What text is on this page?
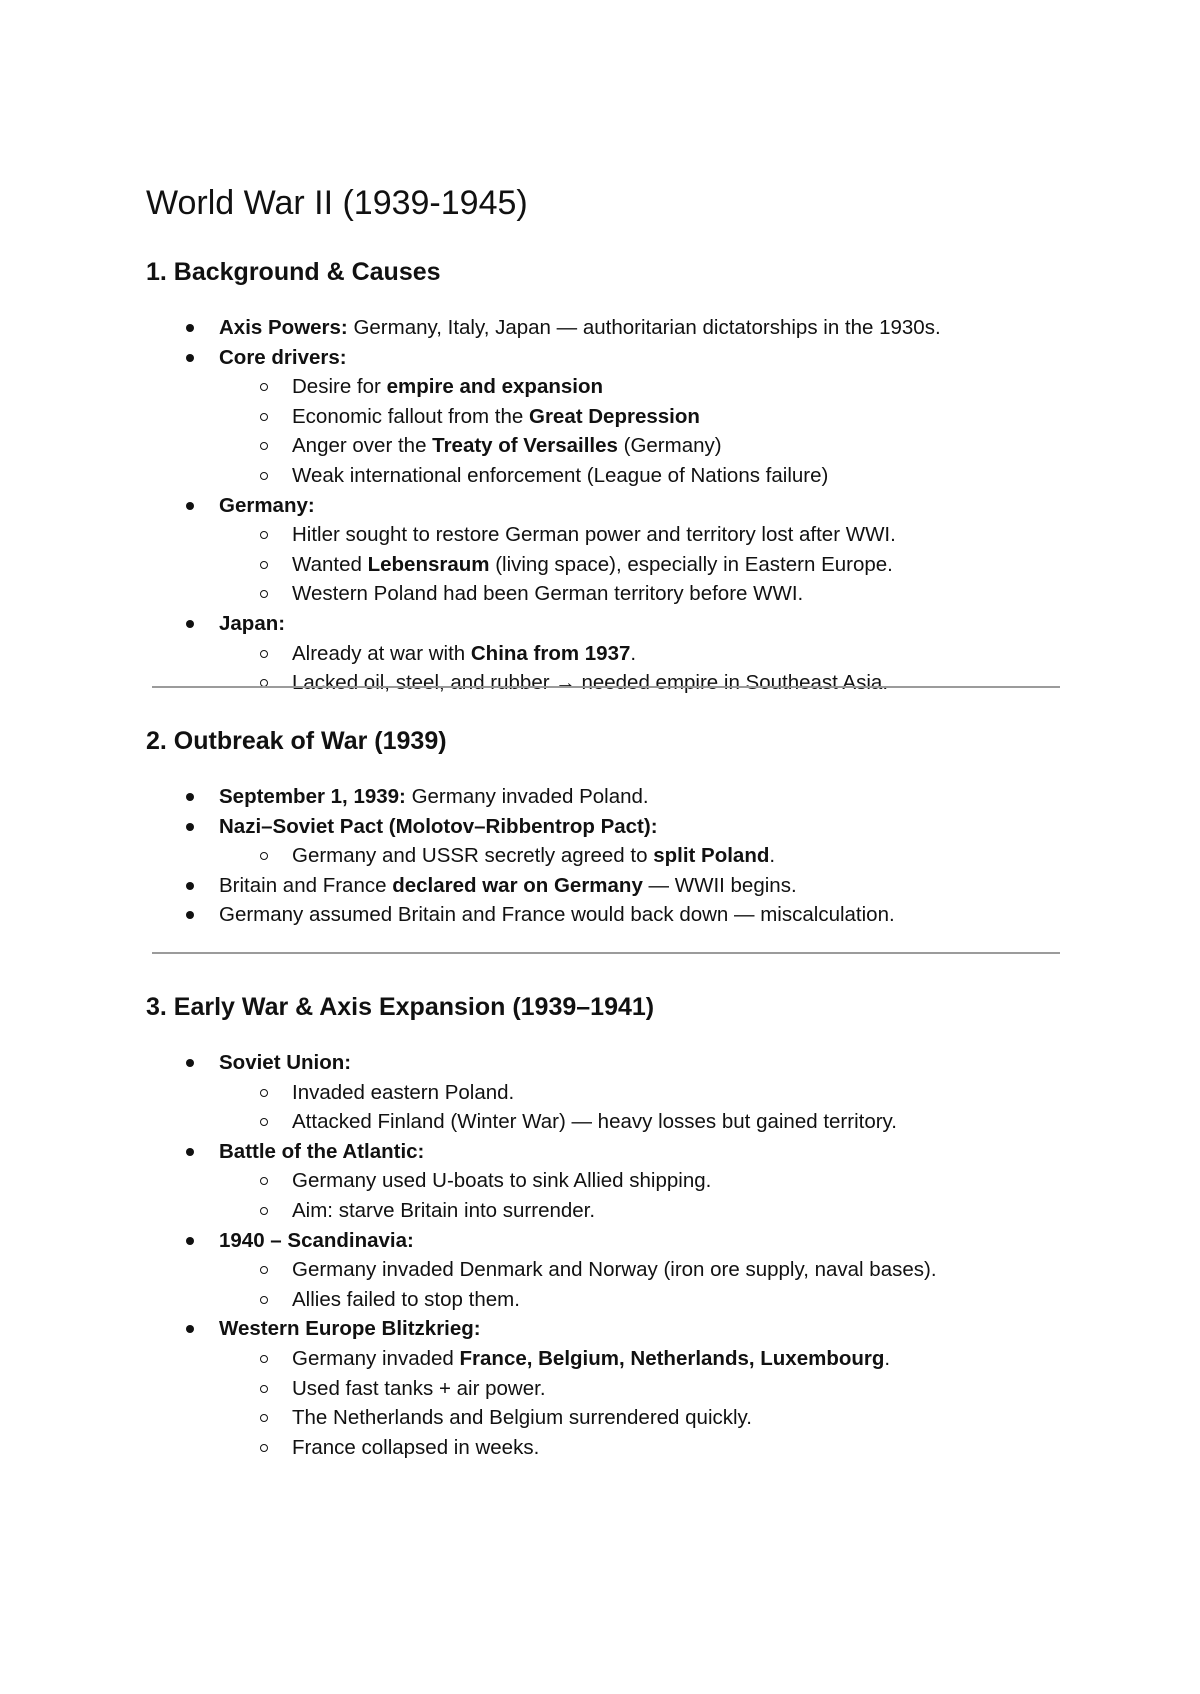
World War II (1939-1945)
1. Background & Causes
Axis Powers: Germany, Italy, Japan — authoritarian dictatorships in the 1930s.
Core drivers:
Desire for empire and expansion
Economic fallout from the Great Depression
Anger over the Treaty of Versailles (Germany)
Weak international enforcement (League of Nations failure)
Germany:
Hitler sought to restore German power and territory lost after WWI.
Wanted Lebensraum (living space), especially in Eastern Europe.
Western Poland had been German territory before WWI.
Japan:
Already at war with China from 1937.
Lacked oil, steel, and rubber → needed empire in Southeast Asia.
2. Outbreak of War (1939)
September 1, 1939: Germany invaded Poland.
Nazi–Soviet Pact (Molotov–Ribbentrop Pact):
Germany and USSR secretly agreed to split Poland.
Britain and France declared war on Germany — WWII begins.
Germany assumed Britain and France would back down — miscalculation.
3. Early War & Axis Expansion (1939–1941)
Soviet Union:
Invaded eastern Poland.
Attacked Finland (Winter War) — heavy losses but gained territory.
Battle of the Atlantic:
Germany used U-boats to sink Allied shipping.
Aim: starve Britain into surrender.
1940 – Scandinavia:
Germany invaded Denmark and Norway (iron ore supply, naval bases).
Allies failed to stop them.
Western Europe Blitzkrieg:
Germany invaded France, Belgium, Netherlands, Luxembourg.
Used fast tanks + air power.
The Netherlands and Belgium surrendered quickly.
France collapsed in weeks.
